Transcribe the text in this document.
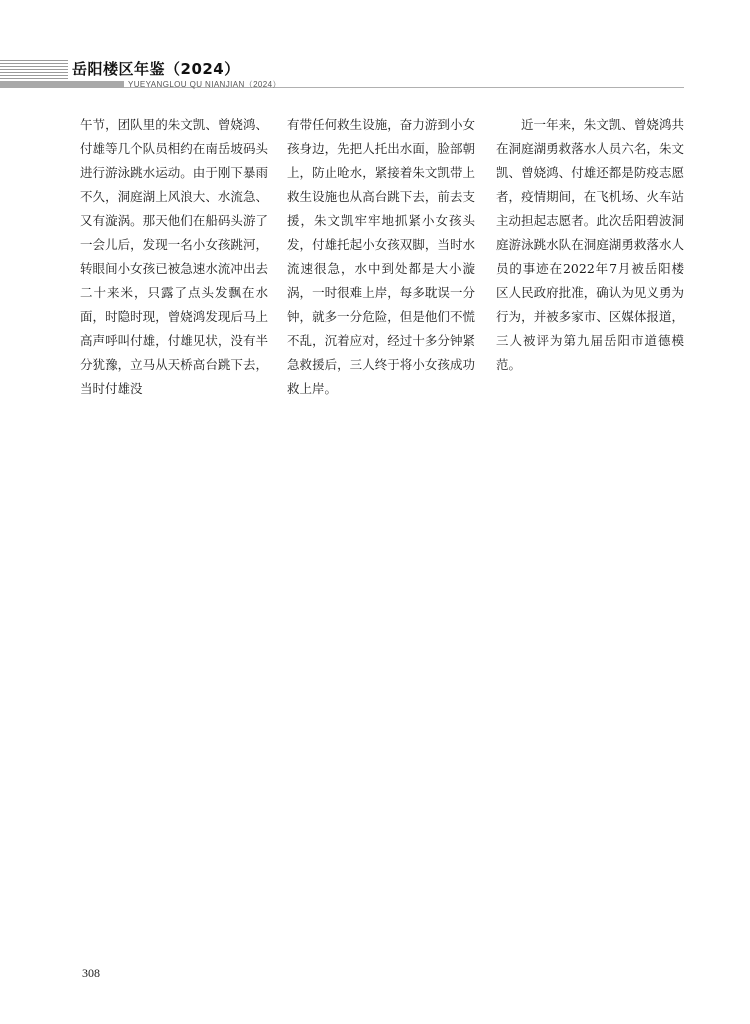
岳阳楼区年鉴（2024）
YUEYANGLOU QU NIANJIAN（2024）
午节，团队里的朱文凯、曾娆鸿、付雄等几个队员相约在南岳坡码头进行游泳跳水运动。由于刚下暴雨不久，洞庭湖上风浪大、水流急、又有漩涡。那天他们在船码头游了一会儿后，发现一名小女孩跳河，转眼间小女孩已被急速水流冲出去二十来米，只露了点头发飘在水面，时隐时现，曾娆鸿发现后马上高声呼叫付雄，付雄见状，没有半分犹豫，立马从天桥高台跳下去，当时付雄没
有带任何救生设施，奋力游到小女孩身边，先把人托出水面，脸部朝上，防止呛水，紧接着朱文凯带上救生设施也从高台跳下去，前去支援，朱文凯牢牢地抓紧小女孩头发，付雄托起小女孩双脚，当时水流速很急，水中到处都是大小漩涡，一时很难上岸，每多耽误一分钟，就多一分危险，但是他们不慌不乱，沉着应对，经过十多分钟紧急救援后，三人终于将小女孩成功救上岸。
近一年来，朱文凯、曾娆鸿共在洞庭湖勇救落水人员六名，朱文凯、曾娆鸿、付雄还都是防疫志愿者，疫情期间，在飞机场、火车站主动担起志愿者。此次岳阳碧波洞庭游泳跳水队在洞庭湖勇救落水人员的事迹在2022年7月被岳阳楼区人民政府批准，确认为见义勇为行为，并被多家市、区媒体报道，三人被评为第九届岳阳市道德模范。
308
